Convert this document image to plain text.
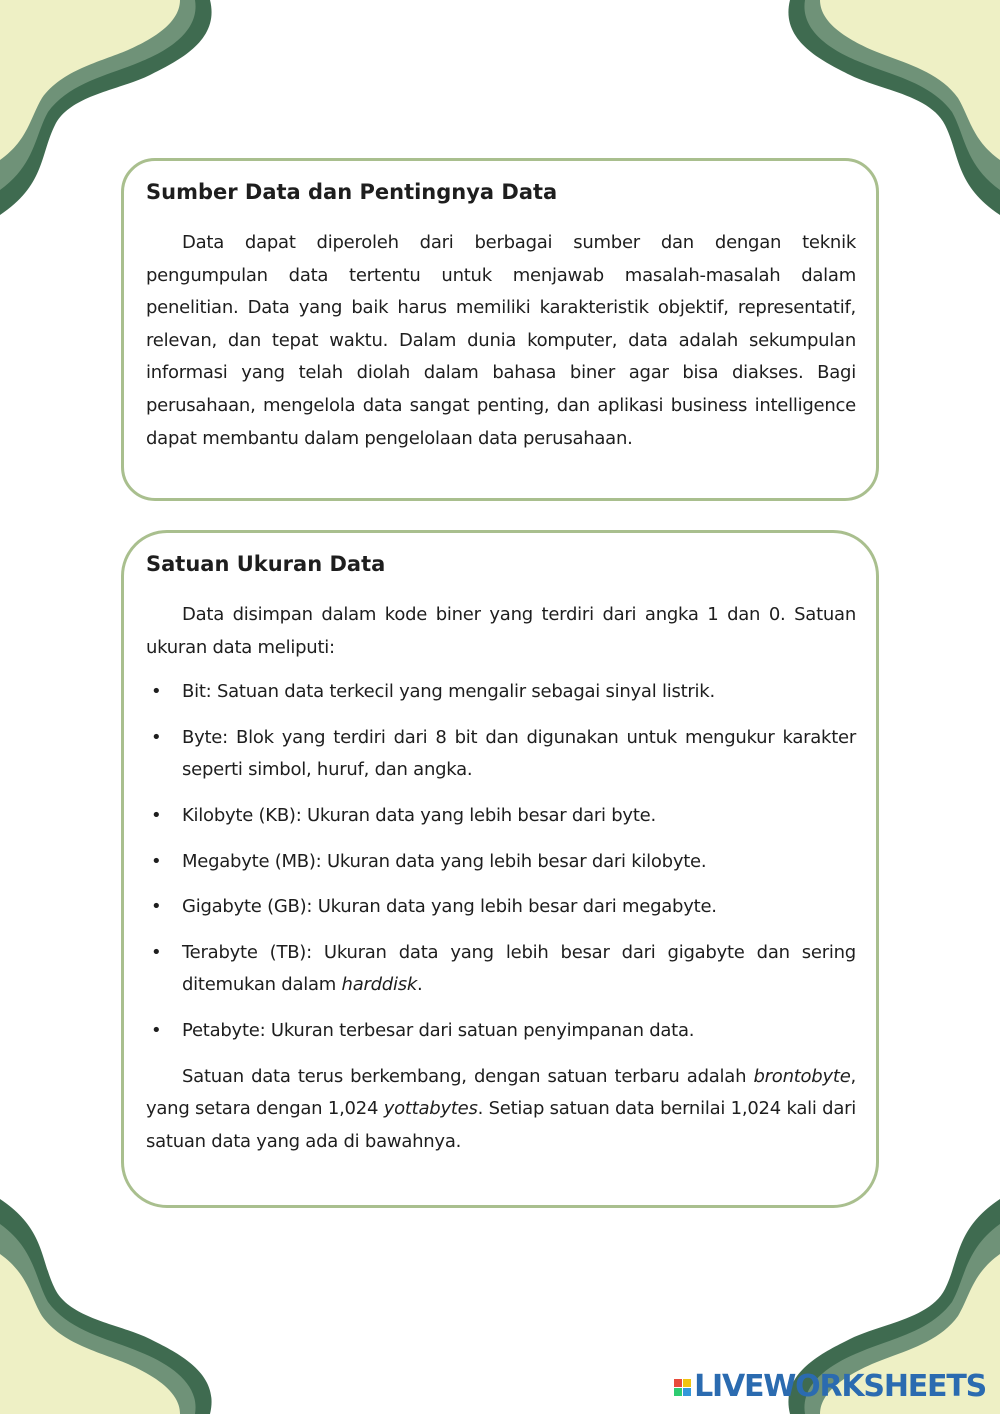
Sumber Data dan Pentingnya Data

Data dapat diperoleh dari berbagai sumber dan dengan teknik pengumpulan data tertentu untuk menjawab masalah-masalah dalam penelitian. Data yang baik harus memiliki karakteristik objektif, representatif, relevan, dan tepat waktu. Dalam dunia komputer, data adalah sekumpulan informasi yang telah diolah dalam bahasa biner agar bisa diakses. Bagi perusahaan, mengelola data sangat penting, dan aplikasi business intelligence dapat membantu dalam pengelolaan data perusahaan.

Satuan Ukuran Data

Data disimpan dalam kode biner yang terdiri dari angka 1 dan 0. Satuan ukuran data meliputi:

• Bit: Satuan data terkecil yang mengalir sebagai sinyal listrik.
• Byte: Blok yang terdiri dari 8 bit dan digunakan untuk mengukur karakter seperti simbol, huruf, dan angka.
• Kilobyte (KB): Ukuran data yang lebih besar dari byte.
• Megabyte (MB): Ukuran data yang lebih besar dari kilobyte.
• Gigabyte (GB): Ukuran data yang lebih besar dari megabyte.
• Terabyte (TB): Ukuran data yang lebih besar dari gigabyte dan sering ditemukan dalam harddisk.
• Petabyte: Ukuran terbesar dari satuan penyimpanan data.

Satuan data terus berkembang, dengan satuan terbaru adalah brontobyte, yang setara dengan 1,024 yottabytes. Setiap satuan data bernilai 1,024 kali dari satuan data yang ada di bawahnya.

LIVEWORKSHEETS
